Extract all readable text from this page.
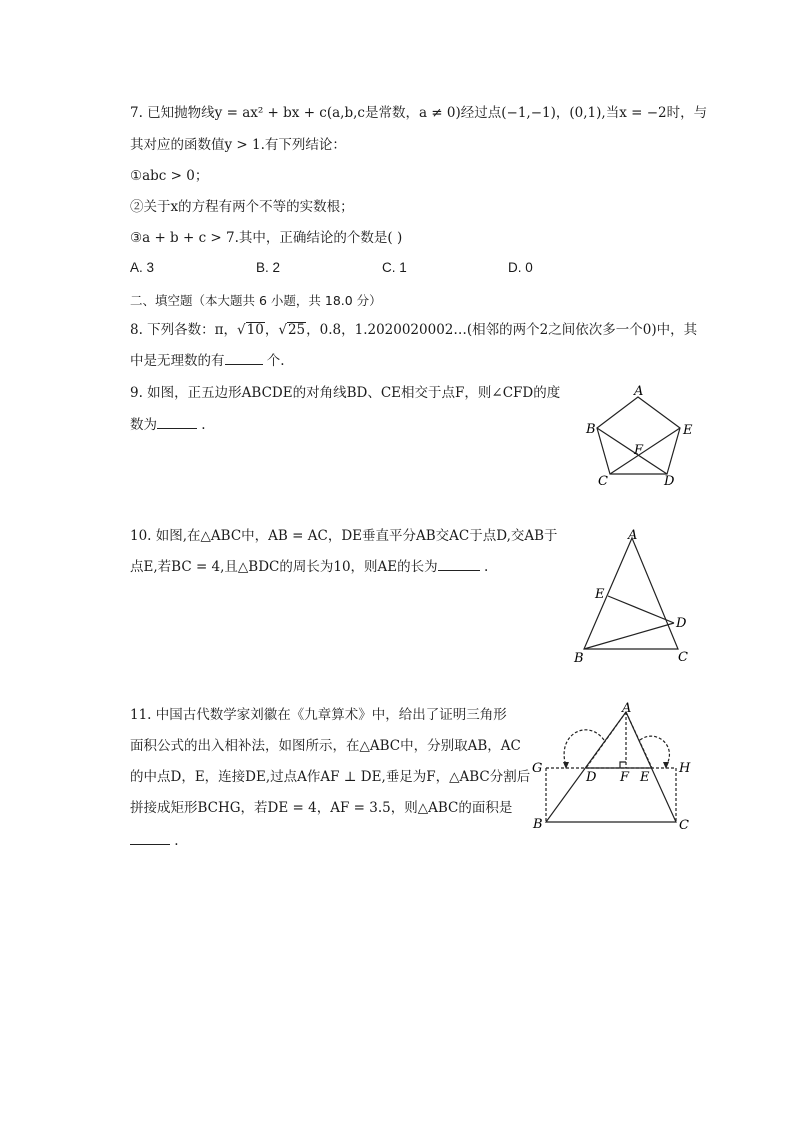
7. 已知抛物线y = ax² + bx + c(a,b,c是常数，a ≠ 0)经过点(−1,−1)，(0,1),当x = −2时，与
其对应的函数值y > 1.有下列结论：
①abc > 0；
②关于x的方程有两个不等的实数根；
③a + b + c > 7.其中，正确结论的个数是( )
A. 3	B. 2	C. 1	D. 0
二、填空题（本大题共 6 小题，共 18.0 分）
8. 下列各数：π，√10，√25，0.8，1.2020020002…(相邻的两个2之间依次多一个0)中，其
中是无理数的有	个.
9. 如图，正五边形ABCDE的对角线BD、CE相交于点F，则∠CFD的度
数为	.
A
B	E
F
C	D
10. 如图,在△ABC中，AB = AC，DE垂直平分AB交AC于点D,交AB于
点E,若BC = 4,且△BDC的周长为10，则AE的长为	.
A
E
D
B	C
11. 中国古代数学家刘徽在《九章算术》中，给出了证明三角形
面积公式的出入相补法，如图所示，在△ABC中，分别取AB，AC
的中点D，E，连接DE,过点A作AF ⊥ DE,垂足为F，△ABC分割后
拼接成矩形BCHG，若DE = 4，AF = 3.5，则△ABC的面积是
.
A
G
D F E
H
B	C
